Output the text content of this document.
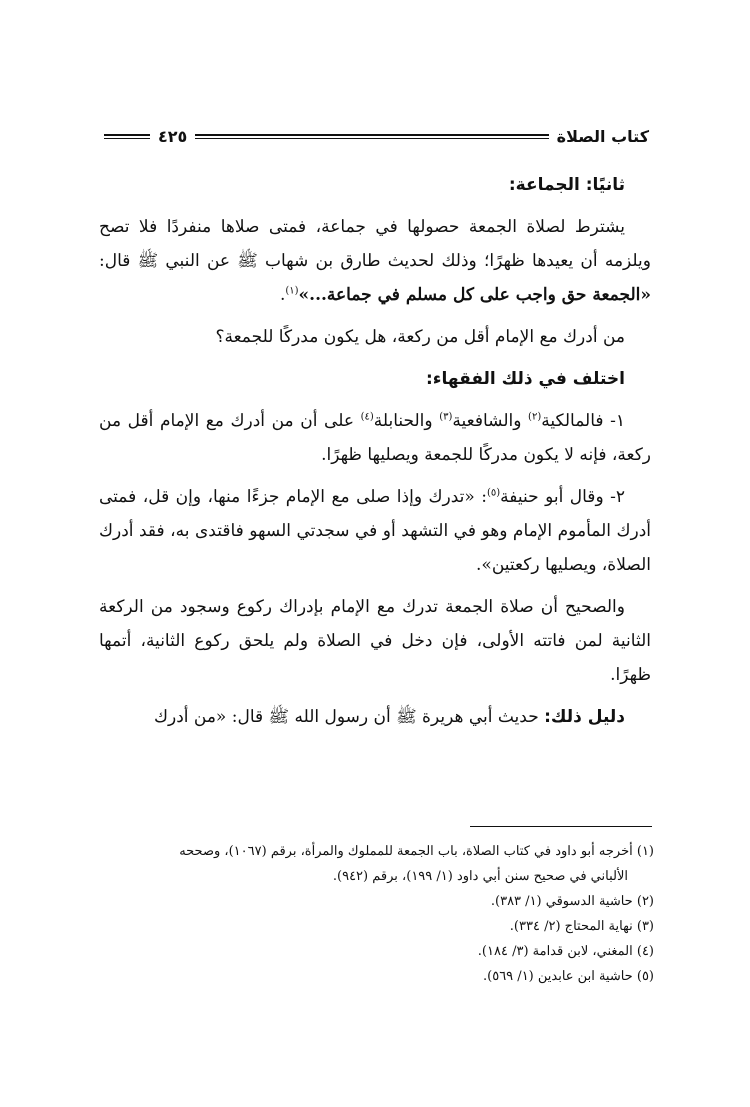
كتاب الصلاة
٤٢٥

ثانيًا: الجماعة:

يشترط لصلاة الجمعة حصولها في جماعة، فمتى صلاها منفردًا فلا تصح ويلزمه أن يعيدها ظهرًا؛ وذلك لحديث طارق بن شهاب ﷺ عن النبي ﷺ قال: «الجمعة حق واجب على كل مسلم في جماعة...»$^{(١)}$.

من أدرك مع الإمام أقل من ركعة، هل يكون مدركًا للجمعة؟

اختلف في ذلك الفقهاء:

١- فالمالكية$^{(٢)}$ والشافعية$^{(٣)}$ والحنابلة$^{(٤)}$ على أن من أدرك مع الإمام أقل من ركعة، فإنه لا يكون مدركًا للجمعة ويصليها ظهرًا.

٢- وقال أبو حنيفة$^{(٥)}$: «تدرك وإذا صلى مع الإمام جزءًا منها، وإن قل، فمتى أدرك المأموم الإمام وهو في التشهد أو في سجدتي السهو فاقتدى به، فقد أدرك الصلاة، ويصليها ركعتين».

والصحيح أن صلاة الجمعة تدرك مع الإمام بإدراك ركوع وسجود من الركعة الثانية لمن فاتته الأولى، فإن دخل في الصلاة ولم يلحق ركوع الثانية، أتمها ظهرًا.

دليل ذلك: حديث أبي هريرة ﷺ أن رسول الله ﷺ قال: «من أدرك

(١) أخرجه أبو داود في كتاب الصلاة، باب الجمعة للمملوك والمرأة، برقم (١٠٦٧)، وصححه

الألباني في صحيح سنن أبي داود (١/ ١٩٩)، برقم (٩٤٢).

(٢) حاشية الدسوقي (١/ ٣٨٣).

(٣) نهاية المحتاج (٢/ ٣٣٤).

(٤) المغني، لابن قدامة (٣/ ١٨٤).

(٥) حاشية ابن عابدين (١/ ٥٦٩).
